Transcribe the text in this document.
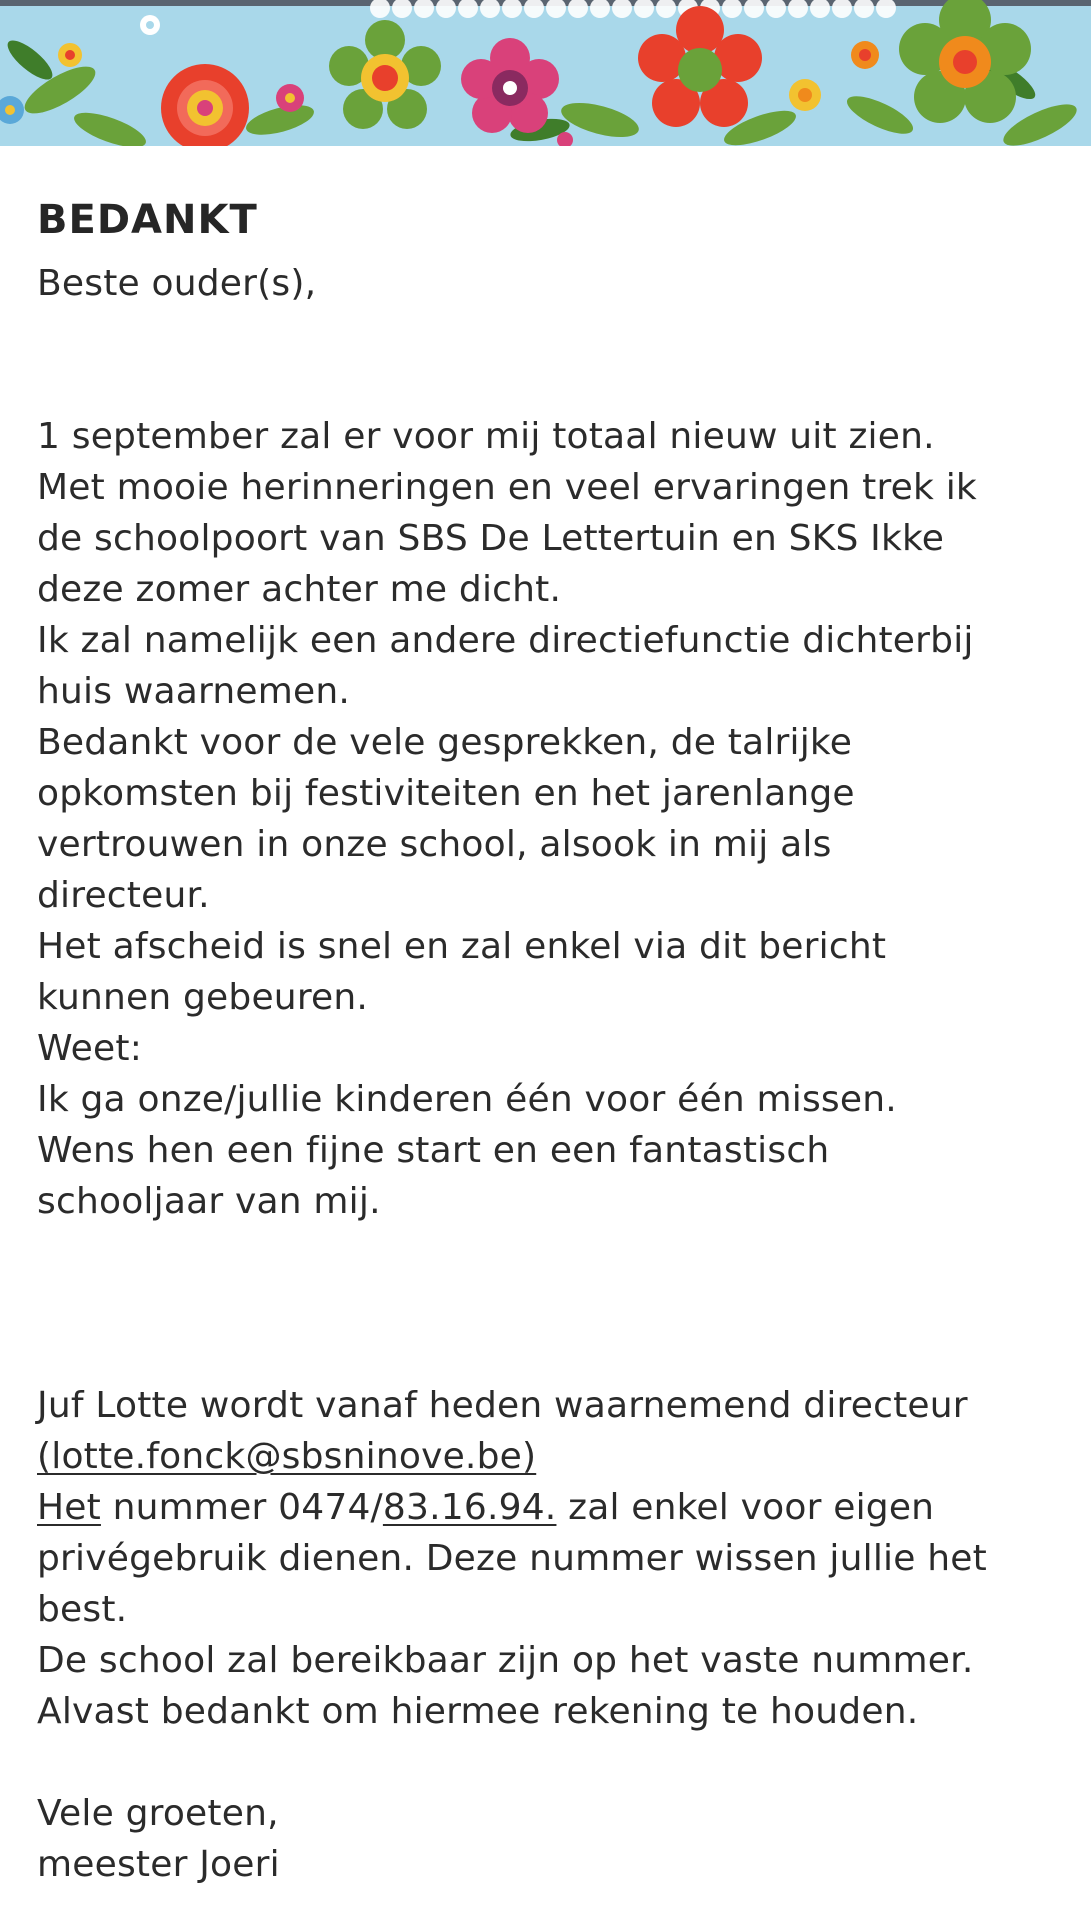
BEDANKT
Beste ouder(s),
1 september zal er voor mij totaal nieuw uit zien.
Met mooie herinneringen en veel ervaringen trek ik
de schoolpoort van SBS De Lettertuin en SKS Ikke
deze zomer achter me dicht.
Ik zal namelijk een andere directiefunctie dichterbij
huis waarnemen.
Bedankt voor de vele gesprekken, de talrijke
opkomsten bij festiviteiten en het jarenlange
vertrouwen in onze school, alsook in mij als
directeur.
Het afscheid is snel en zal enkel via dit bericht
kunnen gebeuren.
Weet:
Ik ga onze/jullie kinderen één voor één missen.
Wens hen een fijne start en een fantastisch
schooljaar van mij.
Juf Lotte wordt vanaf heden waarnemend directeur
(lotte.fonck@sbsninove.be)
Het nummer 0474/83.16.94. zal enkel voor eigen
privégebruik dienen. Deze nummer wissen jullie het
best.
De school zal bereikbaar zijn op het vaste nummer.
Alvast bedankt om hiermee rekening te houden.
Vele groeten,
meester Joeri
